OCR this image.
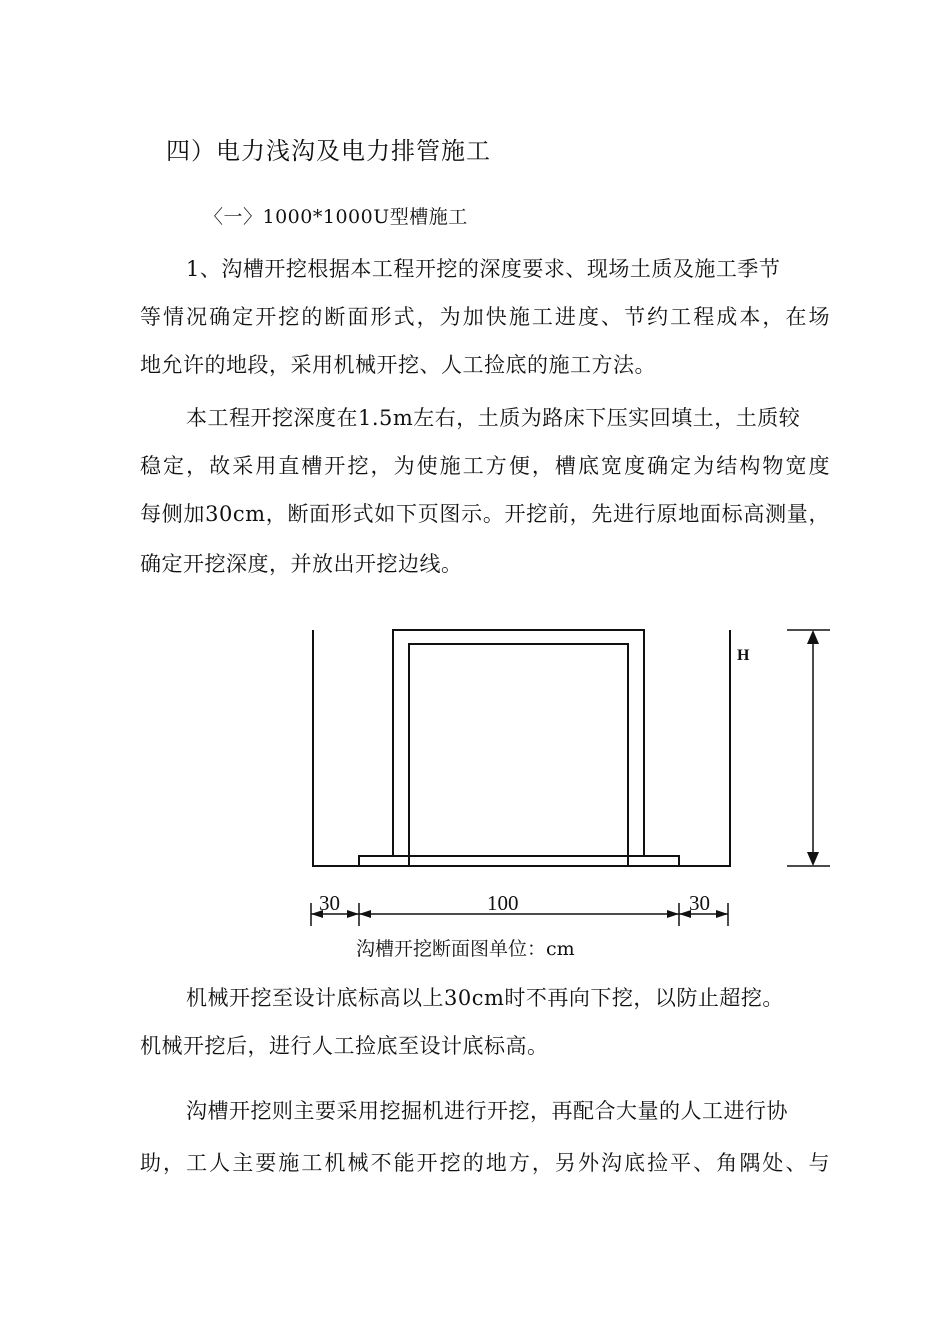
四）电力浅沟及电力排管施工
〈一〉1000*1000U型槽施工
1、沟槽开挖根据本工程开挖的深度要求、现场土质及施工季节
等情况确定开挖的断面形式，为加快施工进度、节约工程成本，在场
地允许的地段，采用机械开挖、人工捡底的施工方法。
本工程开挖深度在1.5m左右，土质为路床下压实回填土，土质较
稳定，故采用直槽开挖，为使施工方便，槽底宽度确定为结构物宽度
每侧加30cm，断面形式如下页图示。开挖前，先进行原地面标高测量，
确定开挖深度，并放出开挖边线。
H
30	100	30
沟槽开挖断面图单位：cm
机械开挖至设计底标高以上30cm时不再向下挖，以防止超挖。
机械开挖后，进行人工捡底至设计底标高。
沟槽开挖则主要采用挖掘机进行开挖，再配合大量的人工进行协
助，工人主要施工机械不能开挖的地方，另外沟底捡平、角隅处、与
